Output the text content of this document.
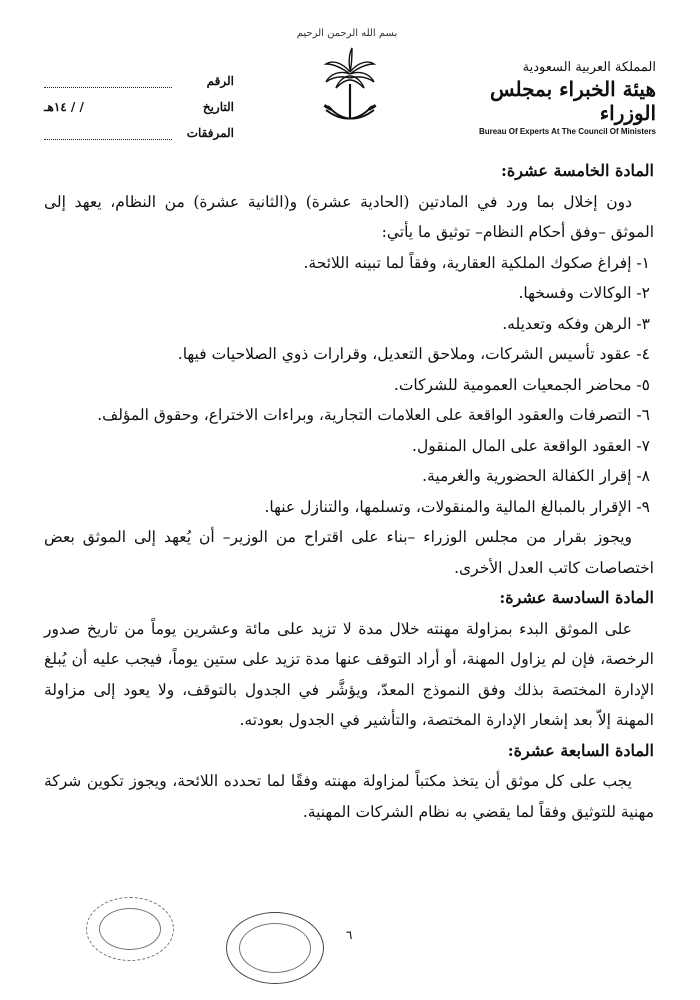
بسم الله الرحمن الرحيم
الرقم
التاريخ
/ / ١٤هـ
المرفقات
المملكة العربية السعودية
هيئة الخبراء بمجلس الوزراء
Bureau Of Experts At The Council Of Ministers
المادة الخامسة عشرة:
دون إخلال بما ورد في المادتين (الحادية عشرة) و(الثانية عشرة) من النظام، يعهد إلى الموثق –وفق أحكام النظام– توثيق ما يأتي:
١- إفراغ صكوك الملكية العقارية، وفقاً لما تبينه اللائحة.
٢- الوكالات وفسخها.
٣- الرهن وفكه وتعديله.
٤- عقود تأسيس الشركات، وملاحق التعديل، وقرارات ذوي الصلاحيات فيها.
٥- محاضر الجمعيات العمومية للشركات.
٦- التصرفات والعقود الواقعة على العلامات التجارية، وبراءات الاختراع، وحقوق المؤلف.
٧- العقود الواقعة على المال المنقول.
٨- إقرار الكفالة الحضورية والغرمية.
٩- الإقرار بالمبالغ المالية والمنقولات، وتسلمها، والتنازل عنها.
ويجوز بقرار من مجلس الوزراء –بناء على اقتراح من الوزير– أن يُعهد إلى الموثق بعض اختصاصات كاتب العدل الأخرى.
المادة السادسة عشرة:
على الموثق البدء بمزاولة مهنته خلال مدة لا تزيد على مائة وعشرين يوماً من تاريخ صدور الرخصة، فإن لم يزاول المهنة، أو أراد التوقف عنها مدة تزيد على ستين يوماً، فيجب عليه أن يُبلغ الإدارة المختصة بذلك وفق النموذج المعدّ، ويؤشَّر في الجدول بالتوقف، ولا يعود إلى مزاولة المهنة إلاّ بعد إشعار الإدارة المختصة، والتأشير في الجدول بعودته.
المادة السابعة عشرة:
يجب على كل موثق أن يتخذ مكتباً لمزاولة مهنته وفقًا لما تحدده اللائحة، ويجوز تكوين شركة مهنية للتوثيق وفقاً لما يقضي به نظام الشركات المهنية.
٦
